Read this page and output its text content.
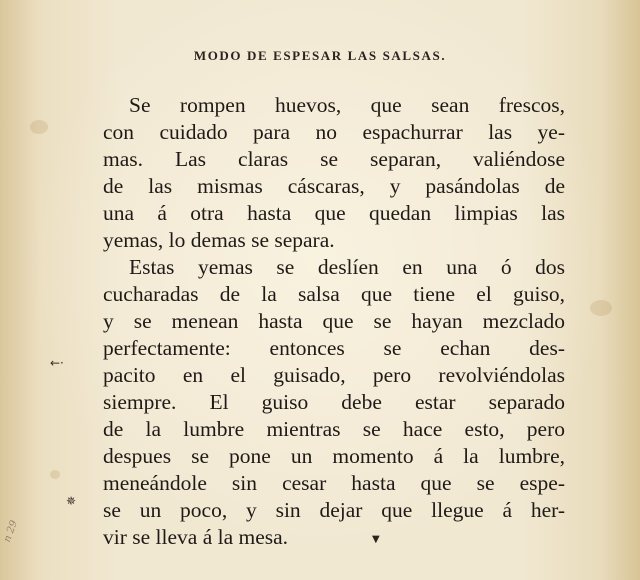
MODO DE ESPESAR LAS SALSAS.
Se rompen huevos, que sean frescos,
con cuidado para no espachurrar las ye-
mas. Las claras se separan, valiéndose
de las mismas cáscaras, y pasándolas de
una á otra hasta que quedan limpias las
yemas, lo demas se separa.
Estas yemas se deslíen en una ó dos
cucharadas de la salsa que tiene el guiso,
y se menean hasta que se hayan mezclado
perfectamente: entonces se echan des-
pacito en el guisado, pero revolviéndolas
siempre. El guiso debe estar separado
de la lumbre mientras se hace esto, pero
despues se pone un momento á la lumbre,
meneándole sin cesar hasta que se espe-
se un poco, y sin dejar que llegue á her-
vir se lleva á la mesa.
←·
✵
n 29	▼
